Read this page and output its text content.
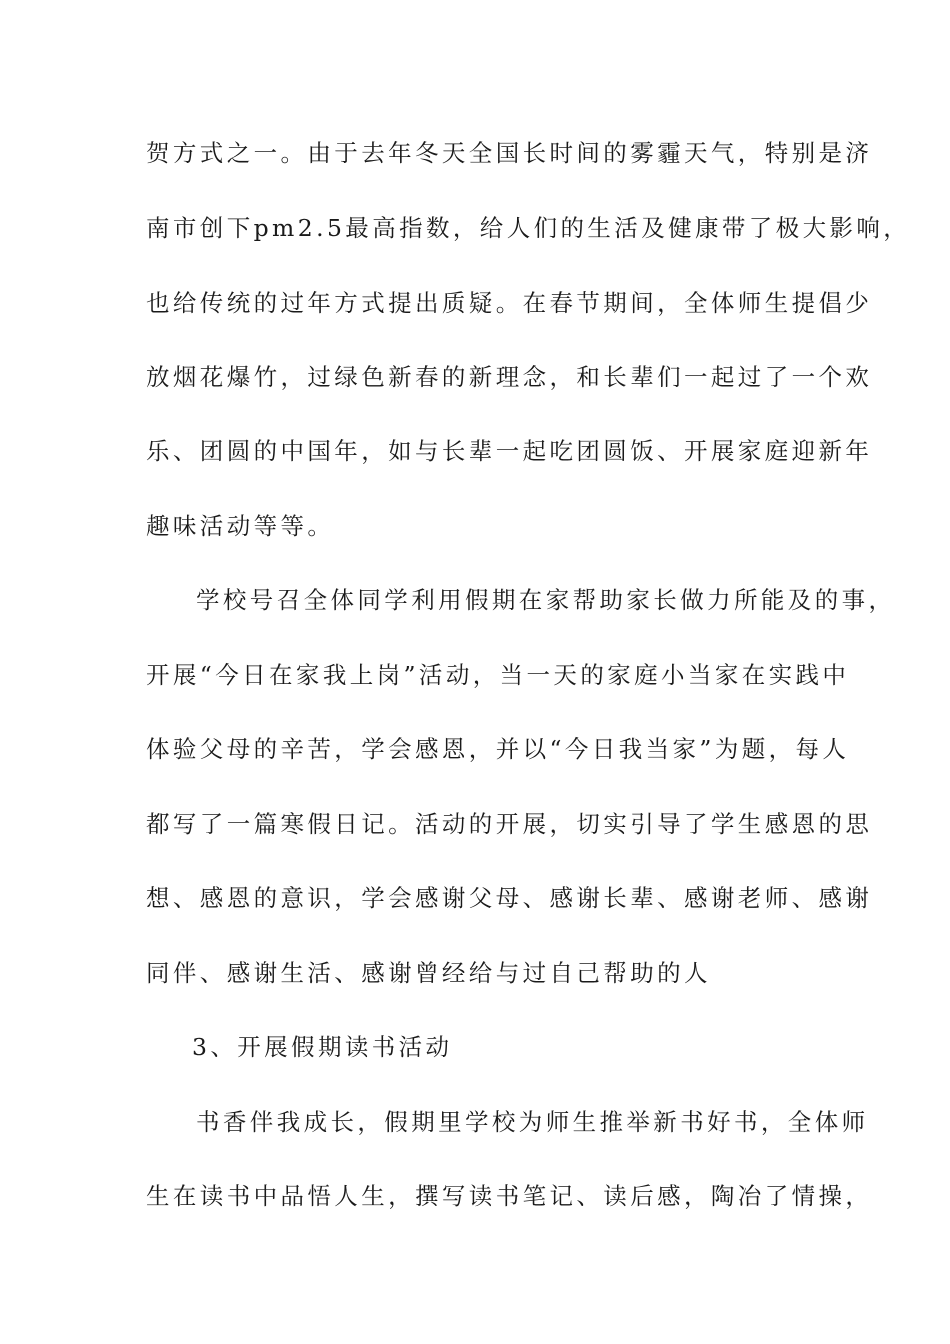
贺方式之一。由于去年冬天全国长时间的雾霾天气，特别是济
南市创下pm2.5最高指数，给人们的生活及健康带了极大影响，
也给传统的过年方式提出质疑。在春节期间，全体师生提倡少
放烟花爆竹，过绿色新春的新理念，和长辈们一起过了一个欢
乐、团圆的中国年，如与长辈一起吃团圆饭、开展家庭迎新年
趣味活动等等。
学校号召全体同学利用假期在家帮助家长做力所能及的事，
开展“今日在家我上岗”活动，当一天的家庭小当家在实践中
体验父母的辛苦，学会感恩，并以“今日我当家”为题，每人
都写了一篇寒假日记。活动的开展，切实引导了学生感恩的思
想、感恩的意识，学会感谢父母、感谢长辈、感谢老师、感谢
同伴、感谢生活、感谢曾经给与过自己帮助的人
3、开展假期读书活动
书香伴我成长，假期里学校为师生推举新书好书，全体师
生在读书中品悟人生，撰写读书笔记、读后感，陶冶了情操，
